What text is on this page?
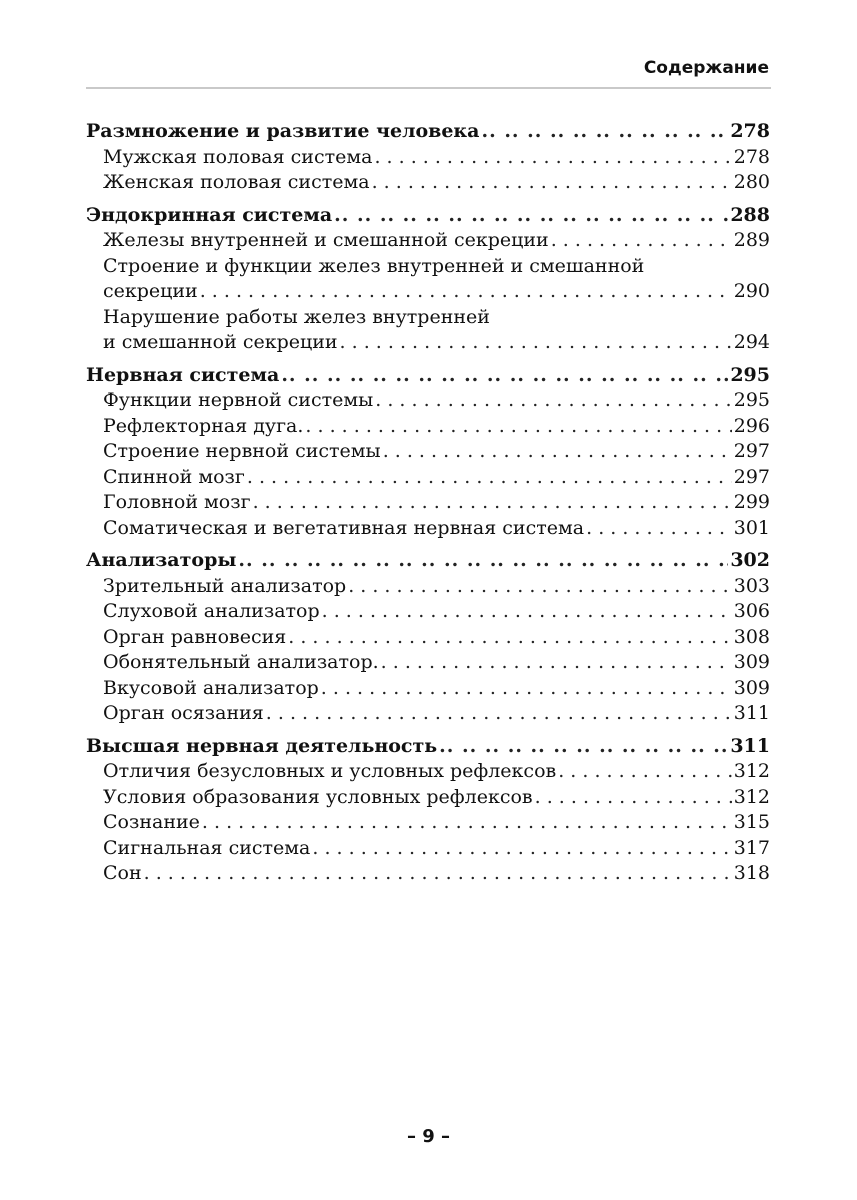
Содержание
Размножение и развитие человека .. ..	278
Мужская половая система . . .	278
Женская половая система . . .	280
Эндокринная система .. ..	288
Железы внутренней и смешанной секреции . . .	289
Строение и функции желез внутренней и смешанной
секреции . . .	290
Нарушение работы желез внутренней
и смешанной секреции . . .	294
Нервная система .. ..	295
Функции нервной системы . . .	295
Рефлекторная дуга. . . .	296
Строение нервной системы . . .	297
Спинной мозг . . .	297
Головной мозг . . .	299
Соматическая и вегетативная нервная система . . .	301
Анализаторы .. ..	302
Зрительный анализатор . . .	303
Слуховой анализатор . . .	306
Орган равновесия . . .	308
Обонятельный анализатор. . . .	309
Вкусовой анализатор . . .	309
Орган осязания . . .	311
Высшая нервная деятельность .. ..	311
Отличия безусловных и условных рефлексов . . .	312
Условия образования условных рефлексов . . .	312
Сознание . . .	315
Сигнальная система . . .	317
Сон . . .	318
– 9 –
